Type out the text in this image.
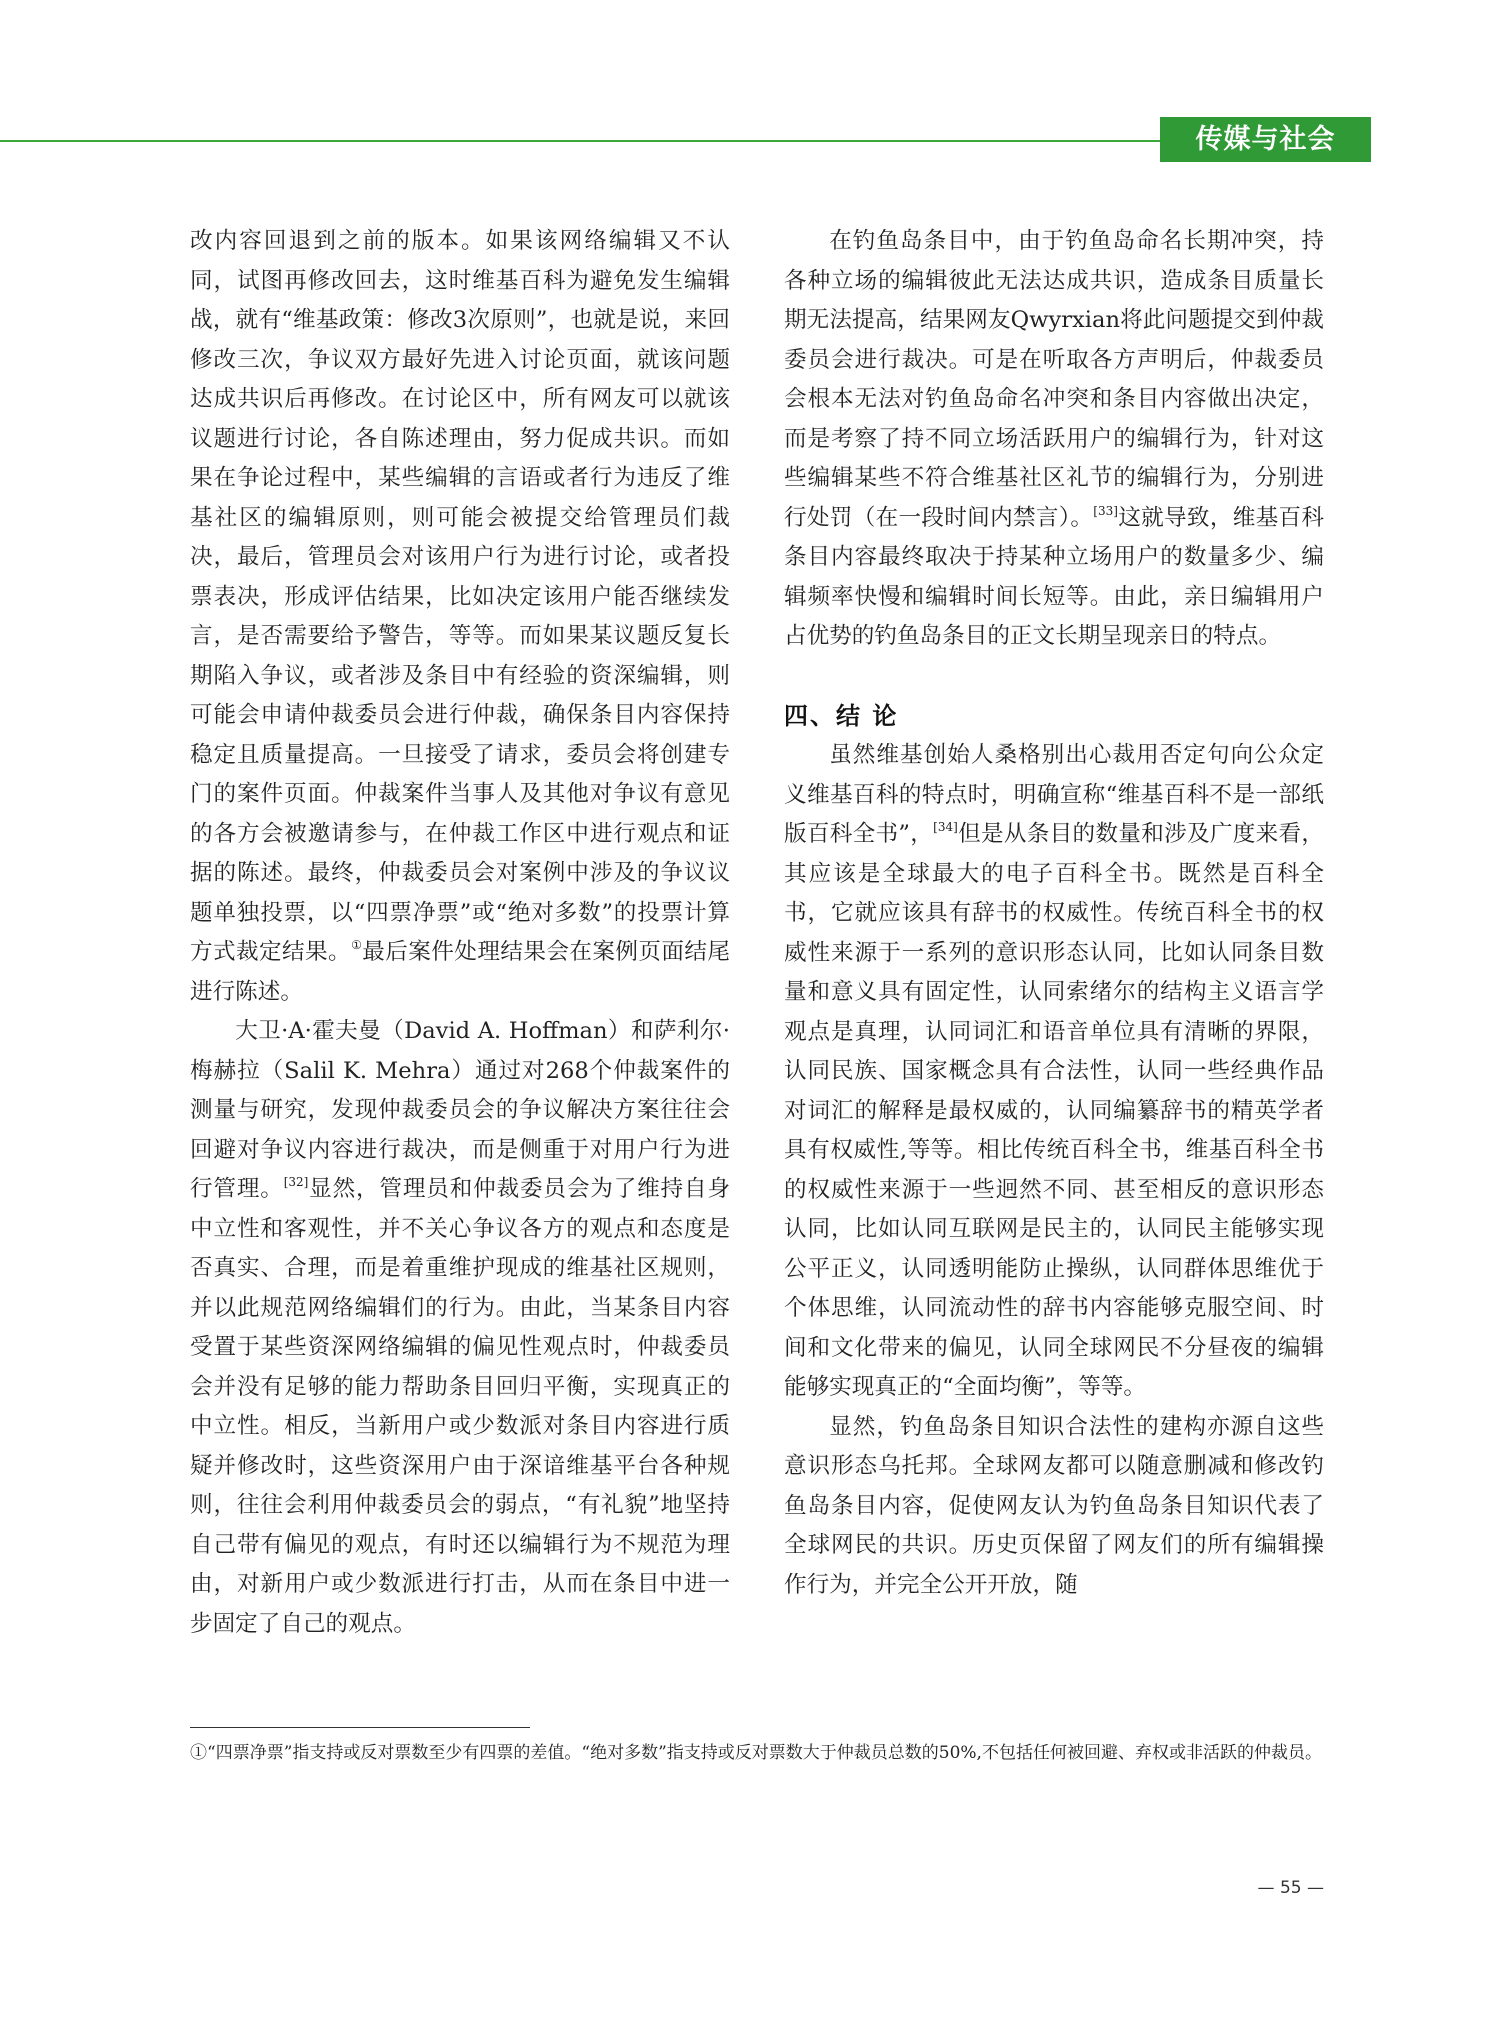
传媒与社会

改内容回退到之前的版本。如果该网络编辑又不认同，试图再修改回去，这时维基百科为避免发生编辑战，就有“维基政策：修改3次原则”，也就是说，来回修改三次，争议双方最好先进入讨论页面，就该问题达成共识后再修改。在讨论区中，所有网友可以就该议题进行讨论，各自陈述理由，努力促成共识。而如果在争论过程中，某些编辑的言语或者行为违反了维基社区的编辑原则，则可能会被提交给管理员们裁决，最后，管理员会对该用户行为进行讨论，或者投票表决，形成评估结果，比如决定该用户能否继续发言，是否需要给予警告，等等。而如果某议题反复长期陷入争议，或者涉及条目中有经验的资深编辑，则可能会申请仲裁委员会进行仲裁，确保条目内容保持稳定且质量提高。一旦接受了请求，委员会将创建专门的案件页面。仲裁案件当事人及其他对争议有意见的各方会被邀请参与，在仲裁工作区中进行观点和证据的陈述。最终，仲裁委员会对案例中涉及的争议议题单独投票，以“四票净票”或“绝对多数”的投票计算方式裁定结果。①最后案件处理结果会在案例页面结尾进行陈述。

大卫·A·霍夫曼（David A. Hoffman）和萨利尔·梅赫拉（Salil K. Mehra）通过对268个仲裁案件的测量与研究，发现仲裁委员会的争议解决方案往往会回避对争议内容进行裁决，而是侧重于对用户行为进行管理。[32]显然，管理员和仲裁委员会为了维持自身中立性和客观性，并不关心争议各方的观点和态度是否真实、合理，而是着重维护现成的维基社区规则，并以此规范网络编辑们的行为。由此，当某条目内容受置于某些资深网络编辑的偏见性观点时，仲裁委员会并没有足够的能力帮助条目回归平衡，实现真正的中立性。相反，当新用户或少数派对条目内容进行质疑并修改时，这些资深用户由于深谙维基平台各种规则，往往会利用仲裁委员会的弱点，“有礼貌”地坚持自己带有偏见的观点，有时还以编辑行为不规范为理由，对新用户或少数派进行打击，从而在条目中进一步固定了自己的观点。

在钓鱼岛条目中，由于钓鱼岛命名长期冲突，持各种立场的编辑彼此无法达成共识，造成条目质量长期无法提高，结果网友Qwyrxian将此问题提交到仲裁委员会进行裁决。可是在听取各方声明后，仲裁委员会根本无法对钓鱼岛命名冲突和条目内容做出决定，而是考察了持不同立场活跃用户的编辑行为，针对这些编辑某些不符合维基社区礼节的编辑行为，分别进行处罚（在一段时间内禁言）。[33]这就导致，维基百科条目内容最终取决于持某种立场用户的数量多少、编辑频率快慢和编辑时间长短等。由此，亲日编辑用户占优势的钓鱼岛条目的正文长期呈现亲日的特点。

四、结 论

虽然维基创始人桑格别出心裁用否定句向公众定义维基百科的特点时，明确宣称“维基百科不是一部纸版百科全书”，[34]但是从条目的数量和涉及广度来看，其应该是全球最大的电子百科全书。既然是百科全书，它就应该具有辞书的权威性。传统百科全书的权威性来源于一系列的意识形态认同，比如认同条目数量和意义具有固定性，认同索绪尔的结构主义语言学观点是真理，认同词汇和语音单位具有清晰的界限，认同民族、国家概念具有合法性，认同一些经典作品对词汇的解释是最权威的，认同编纂辞书的精英学者具有权威性,等等。相比传统百科全书，维基百科全书的权威性来源于一些迥然不同、甚至相反的意识形态认同，比如认同互联网是民主的，认同民主能够实现公平正义，认同透明能防止操纵，认同群体思维优于个体思维，认同流动性的辞书内容能够克服空间、时间和文化带来的偏见，认同全球网民不分昼夜的编辑能够实现真正的“全面均衡”，等等。

显然，钓鱼岛条目知识合法性的建构亦源自这些意识形态乌托邦。全球网友都可以随意删减和修改钓鱼岛条目内容，促使网友认为钓鱼岛条目知识代表了全球网民的共识。历史页保留了网友们的所有编辑操作行为，并完全公开开放，随

①“四票净票”指支持或反对票数至少有四票的差值。“绝对多数”指支持或反对票数大于仲裁员总数的50%,不包括任何被回避、弃权或非活跃的仲裁员。
— 55 —
